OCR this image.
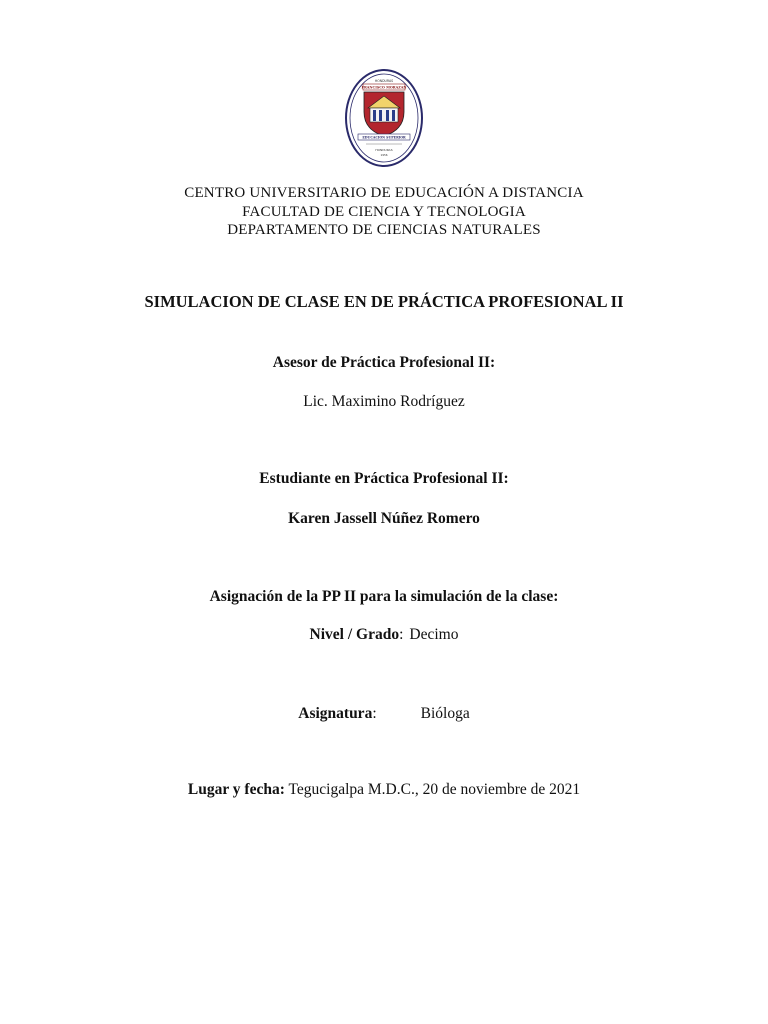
HONDURAS
FRANCISCO MORAZAN
EDUCACION SUPERIOR
HONDURAS
1956
CENTRO UNIVERSITARIO DE EDUCACIÓN A DISTANCIA
FACULTAD DE CIENCIA Y TECNOLOGIA
DEPARTAMENTO DE CIENCIAS NATURALES
SIMULACION DE CLASE EN DE PRÁCTICA PROFESIONAL II
Asesor de Práctica Profesional II:
Lic. Maximino Rodríguez
Estudiante en Práctica Profesional II:
Karen Jassell Núñez Romero
Asignación de la PP II para la simulación de la clase:
Nivel / Grado: Decimo
Asignatura:	Bióloga
Lugar y fecha: Tegucigalpa M.D.C., 20 de noviembre de 2021
